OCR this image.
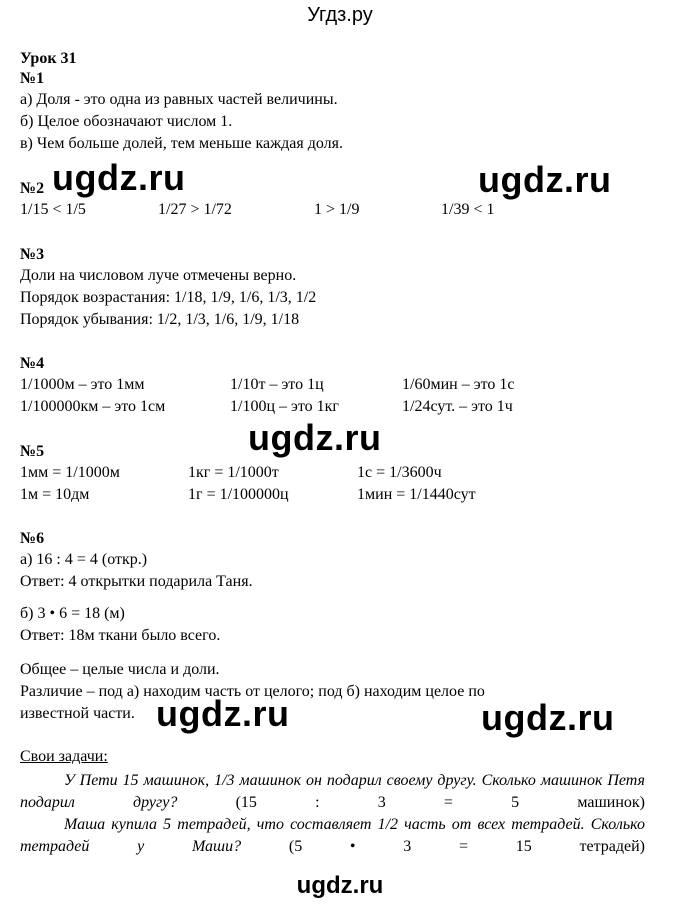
Угдз.ру
Урок 31
№1
а) Доля - это одна из равных частей величины.
б) Целое обозначают числом 1.
в) Чем больше долей, тем меньше каждая доля.
№2
1/15 < 1/5	1/27 > 1/72	1 > 1/9	1/39 < 1
№3
Доли на числовом луче отмечены верно.
Порядок возрастания: 1/18, 1/9, 1/6, 1/3, 1/2
Порядок убывания: 1/2, 1/3, 1/6, 1/9, 1/18
№4
1/1000м – это 1мм	1/10т – это 1ц	1/60мин – это 1с
1/100000км – это 1см	1/100ц – это 1кг	1/24сут. – это 1ч
№5
1мм = 1/1000м	1кг = 1/1000т	1с = 1/3600ч
1м = 10дм	1г = 1/100000ц	1мин = 1/1440сут
№6
а) 16 : 4 = 4 (откр.)
Ответ: 4 открытки подарила Таня.
б) 3 • 6 = 18 (м)
Ответ: 18м ткани было всего.
Общее – целые числа и доли.
Различие – под а) находим часть от целого; под б) находим целое по
известной части.
Свои задачи:
У Пети 15 машинок, 1/3 машинок он подарил своему другу. Сколько машинок Петя подарил другу? (15 : 3 = 5 машинок)
Маша купила 5 тетрадей, что составляет 1/2 часть от всех тетрадей. Сколько тетрадей у Маши? (5 • 3 = 15 тетрадей)
ugdz.ru	ugdz.ru
ugdz.ru
ugdz.ru	ugdz.ru
ugdz.ru
